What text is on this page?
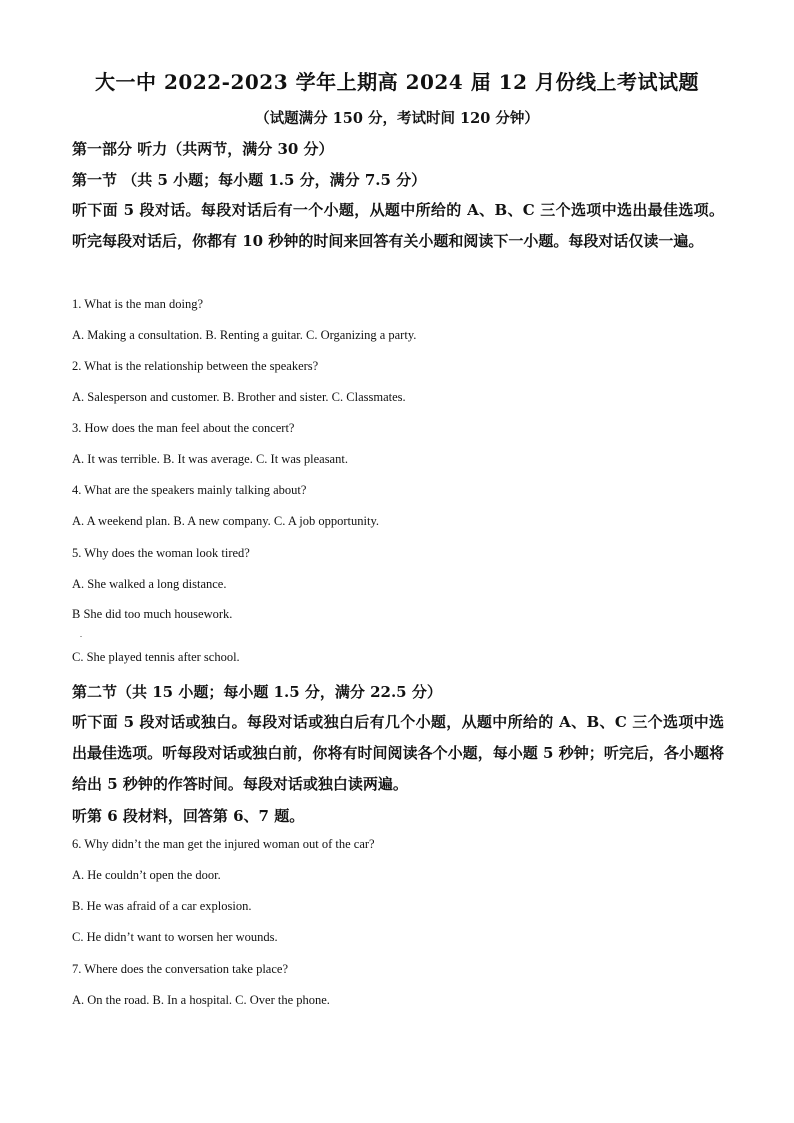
大一中 2022-2023 学年上期高 2024 届 12 月份线上考试试题
（试题满分 150 分，考试时间 120 分钟）
第一部分 听力（共两节，满分 30 分）
第一节 （共 5 小题；每小题 1.5 分，满分 7.5 分）
听下面 5 段对话。每段对话后有一个小题，从题中所给的 A、B、C 三个选项中选出最佳选项。听完每段对话后，你都有 10 秒钟的时间来回答有关小题和阅读下一小题。每段对话仅读一遍。
1. What is the man doing?
A. Making a consultation. B. Renting a guitar. C. Organizing a party.
2. What is the relationship between the speakers?
A. Salesperson and customer. B. Brother and sister. C. Classmates.
3. How does the man feel about the concert?
A. It was terrible. B. It was average. C. It was pleasant.
4. What are the speakers mainly talking about?
A. A weekend plan. B. A new company. C. A job opportunity.
5. Why does the woman look tired?
A. She walked a long distance.
B She did too much housework.
.
C. She played tennis after school.
第二节（共 15 小题；每小题 1.5 分，满分 22.5 分）
听下面 5 段对话或独白。每段对话或独白后有几个小题，从题中所给的 A、B、C 三个选项中选出最佳选项。听每段对话或独白前，你将有时间阅读各个小题，每小题 5 秒钟；听完后，各小题将给出 5 秒钟的作答时间。每段对话或独白读两遍。
听第 6 段材料，回答第 6、7 题。
6. Why didn’t the man get the injured woman out of the car?
A. He couldn’t open the door.
B. He was afraid of a car explosion.
C. He didn’t want to worsen her wounds.
7. Where does the conversation take place?
A. On the road. B. In a hospital. C. Over the phone.
